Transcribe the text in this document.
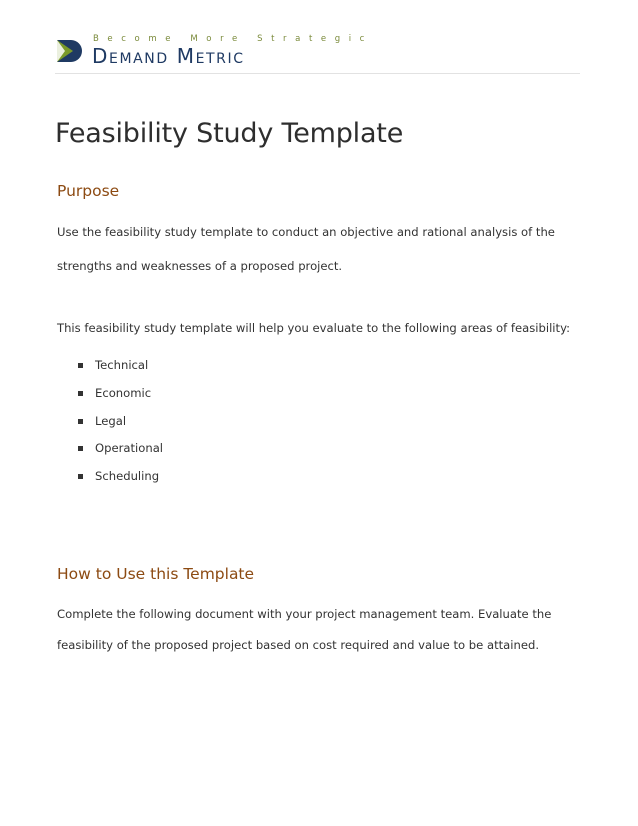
Become More Strategic
Demand Metric
Feasibility Study Template
Purpose
Use the feasibility study template to conduct an objective and rational analysis of the
strengths and weaknesses of a proposed project.
This feasibility study template will help you evaluate to the following areas of feasibility:
Technical
Economic
Legal
Operational
Scheduling
How to Use this Template
Complete the following document with your project management team. Evaluate the
feasibility of the proposed project based on cost required and value to be attained.
